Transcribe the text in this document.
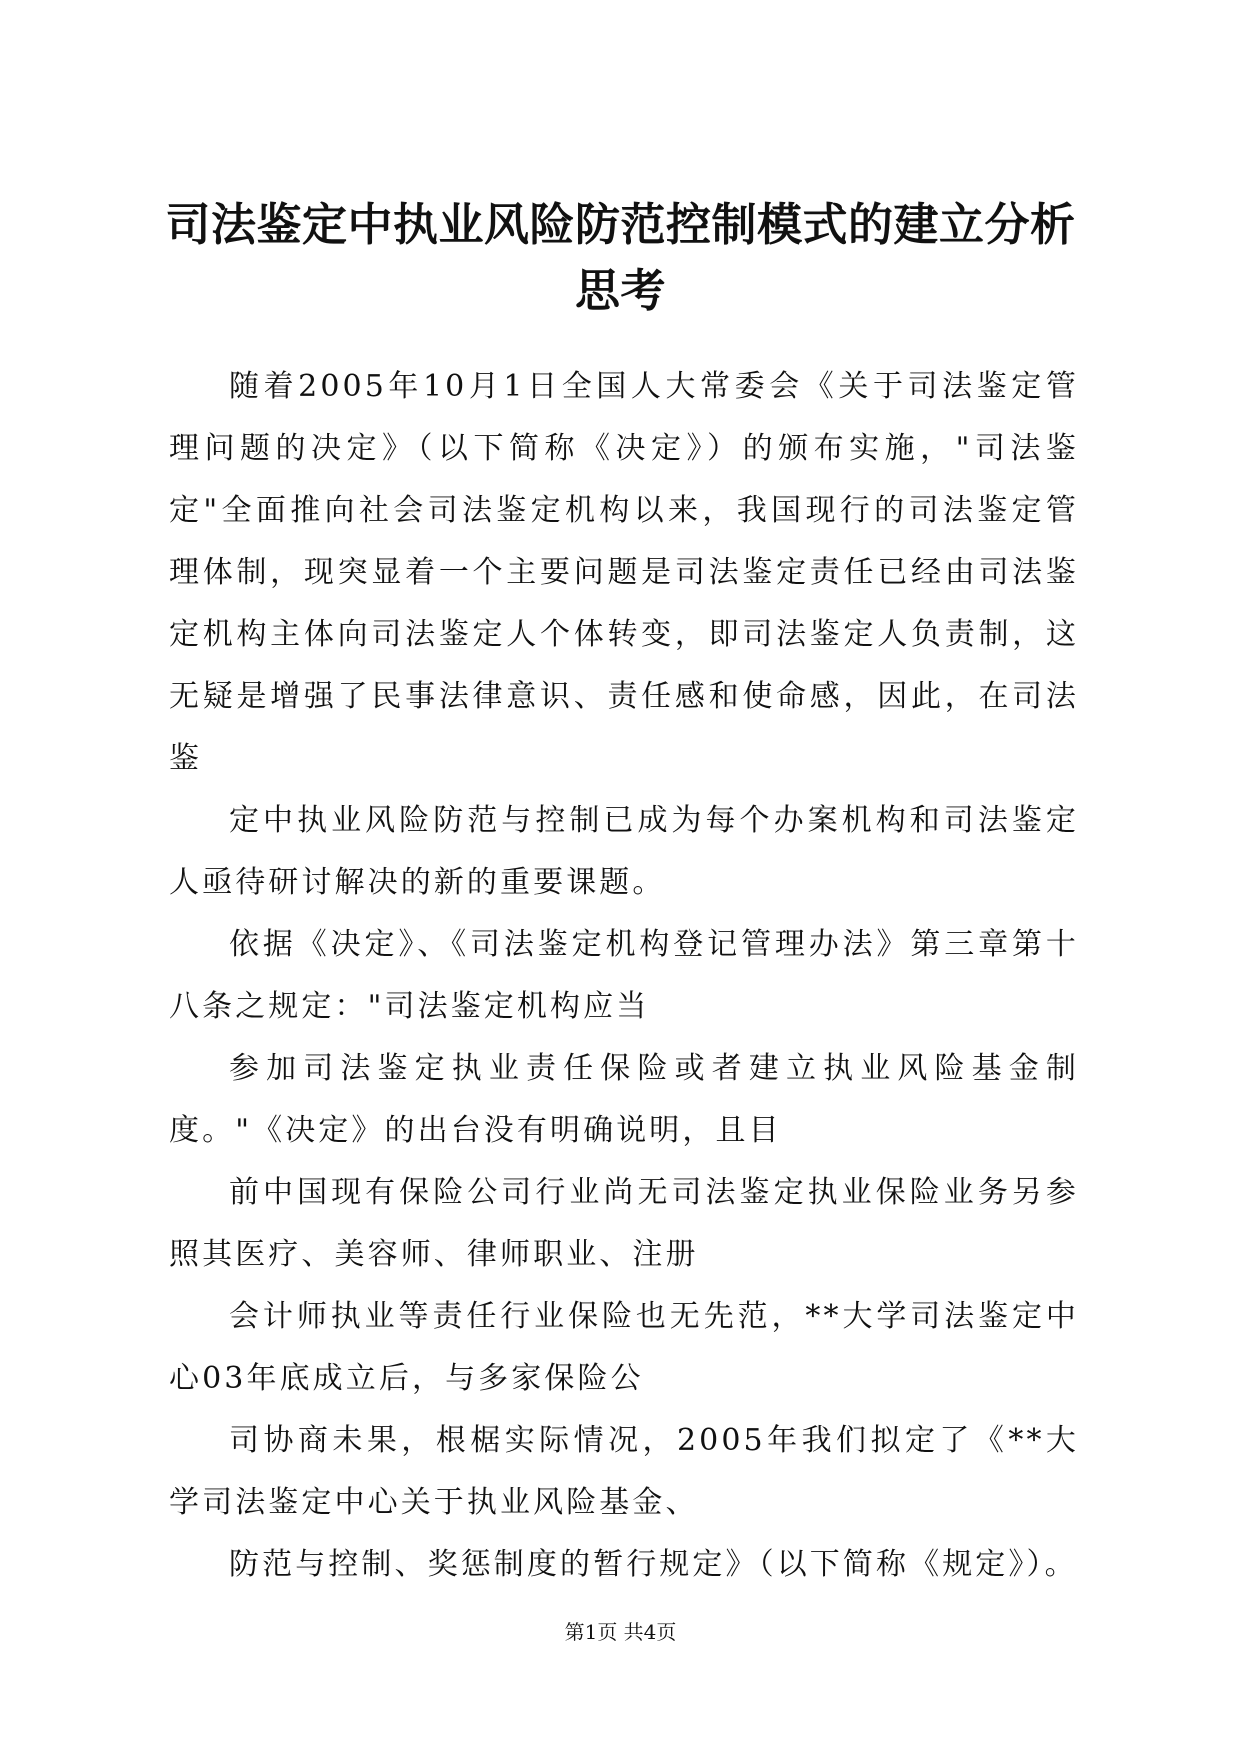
司法鉴定中执业风险防范控制模式的建立分析思考

随着2005年10月1日全国人大常委会《关于司法鉴定管理问题的决定》（以下简称《决定》）的颁布实施，"司法鉴定"全面推向社会司法鉴定机构以来，我国现行的司法鉴定管理体制，现突显着一个主要问题是司法鉴定责任已经由司法鉴定机构主体向司法鉴定人个体转变，即司法鉴定人负责制，这无疑是增强了民事法律意识、责任感和使命感，因此，在司法鉴

定中执业风险防范与控制已成为每个办案机构和司法鉴定人亟待研讨解决的新的重要课题。

依据《决定》、《司法鉴定机构登记管理办法》第三章第十八条之规定："司法鉴定机构应当

参加司法鉴定执业责任保险或者建立执业风险基金制度。"《决定》的出台没有明确说明，且目

前中国现有保险公司行业尚无司法鉴定执业保险业务另参照其医疗、美容师、律师职业、注册

会计师执业等责任行业保险也无先范，**大学司法鉴定中心03年底成立后，与多家保险公

司协商未果，根椐实际情况，2005年我们拟定了《**大学司法鉴定中心关于执业风险基金、

防范与控制、奖惩制度的暂行规定》（以下简称《规定》）。

第1页 共4页
